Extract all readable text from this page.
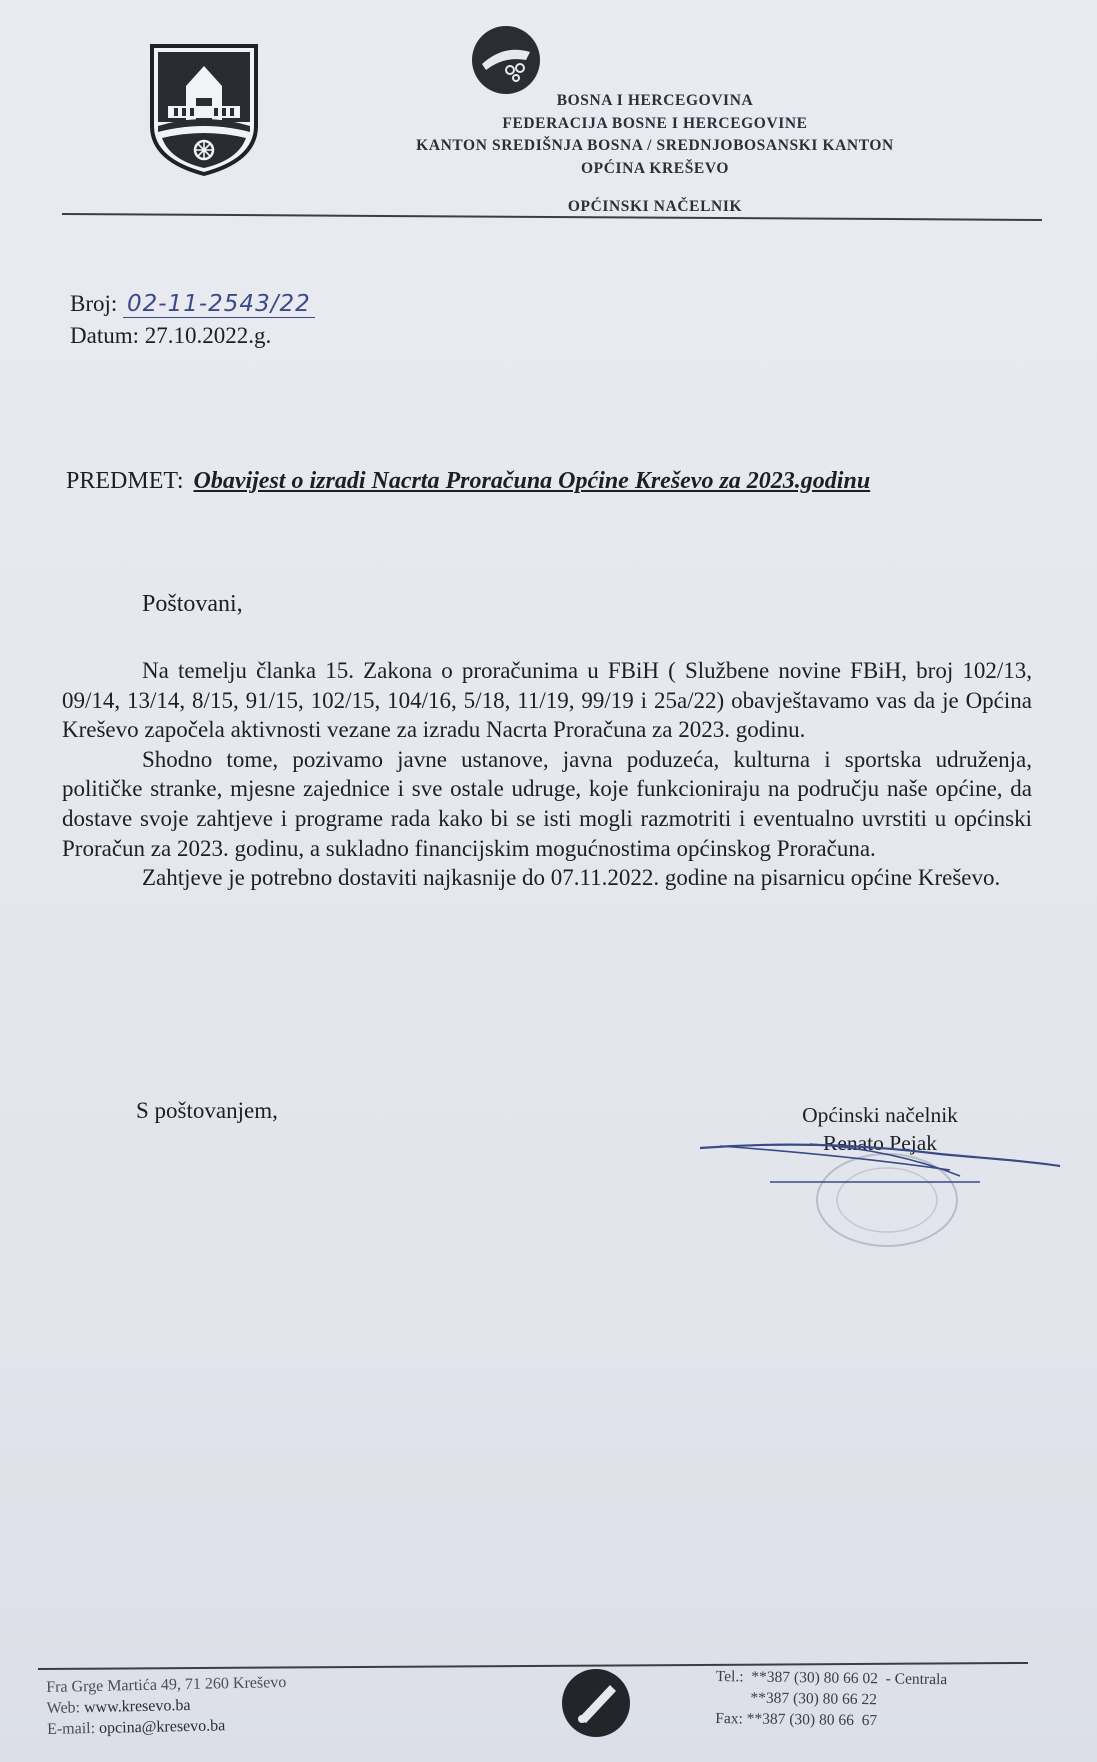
BOSNA I HERCEGOVINA
FEDERACIJA BOSNE I HERCEGOVINE
KANTON SREDIŠNJA BOSNA / SREDNJOBOSANSKI KANTON
OPĆINA KREŠEVO
OPĆINSKI NAČELNIK
Broj: 02-11-2543/22
Datum: 27.10.2022.g.
PREDMET: Obavijest o izradi Nacrta Proračuna Općine Kreševo za 2023.godinu
Poštovani,

Na temelju članka 15. Zakona o proračunima u FBiH ( Službene novine FBiH, broj 102/13, 09/14, 13/14, 8/15, 91/15, 102/15, 104/16, 5/18, 11/19, 99/19 i 25a/22) obavještavamo vas da je Općina Kreševo započela aktivnosti vezane za izradu Nacrta Proračuna za 2023. godinu.

Shodno tome, pozivamo javne ustanove, javna poduzeća, kulturna i sportska udruženja, političke stranke, mjesne zajednice i sve ostale udruge, koje funkcioniraju na području naše općine, da dostave svoje zahtjeve i programe rada kako bi se isti mogli razmotriti i eventualno uvrstiti u općinski Proračun za 2023. godinu, a sukladno financijskim mogućnostima općinskog Proračuna.

Zahtjeve je potrebno dostaviti najkasnije do 07.11.2022. godine na pisarnicu općine Kreševo.

S poštovanjem,	Općinski načelnik
Renato Pejak
Fra Grge Martića 49, 71 260 Kreševo
Web: www.kresevo.ba
E-mail: opcina@kresevo.ba
Tel.:  **387 (30) 80 66 02  - Centrala
**387 (30) 80 66 22
Fax: **387 (30) 80 66  67
